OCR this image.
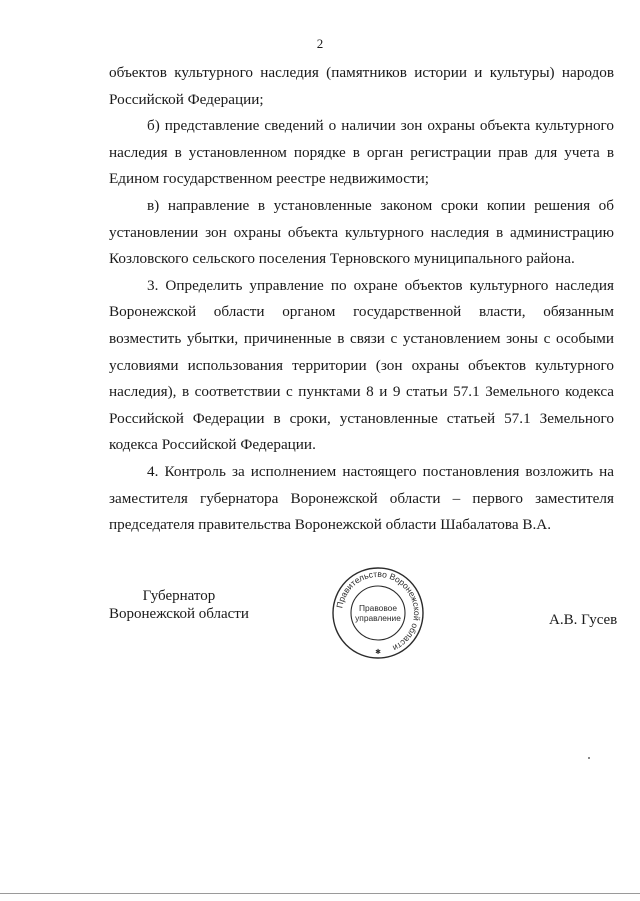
2

объектов культурного наследия (памятников истории и культуры) народов Российской Федерации;

б) представление сведений о наличии зон охраны объекта культурного наследия в установленном порядке в орган регистрации прав для учета в Едином государственном реестре недвижимости;

в) направление в установленные законом сроки копии решения об установлении зон охраны объекта культурного наследия в администрацию Козловского сельского поселения Терновского муниципального района.

3. Определить управление по охране объектов культурного наследия Воронежской области органом государственной власти, обязанным возместить убытки, причиненные в связи с установлением зоны с особыми условиями использования территории (зон охраны объектов культурного наследия), в соответствии с пунктами 8 и 9 статьи 57.1 Земельного кодекса Российской Федерации в сроки, установленные статьей 57.1 Земельного кодекса Российской Федерации.

4. Контроль за исполнением настоящего постановления возложить на заместителя губернатора Воронежской области – первого заместителя председателя правительства Воронежской области Шабалатова В.А.

Губернатор
Воронежской области
Правительство Воронежской области
Правовое
управление
✱
А.В. Гусев
